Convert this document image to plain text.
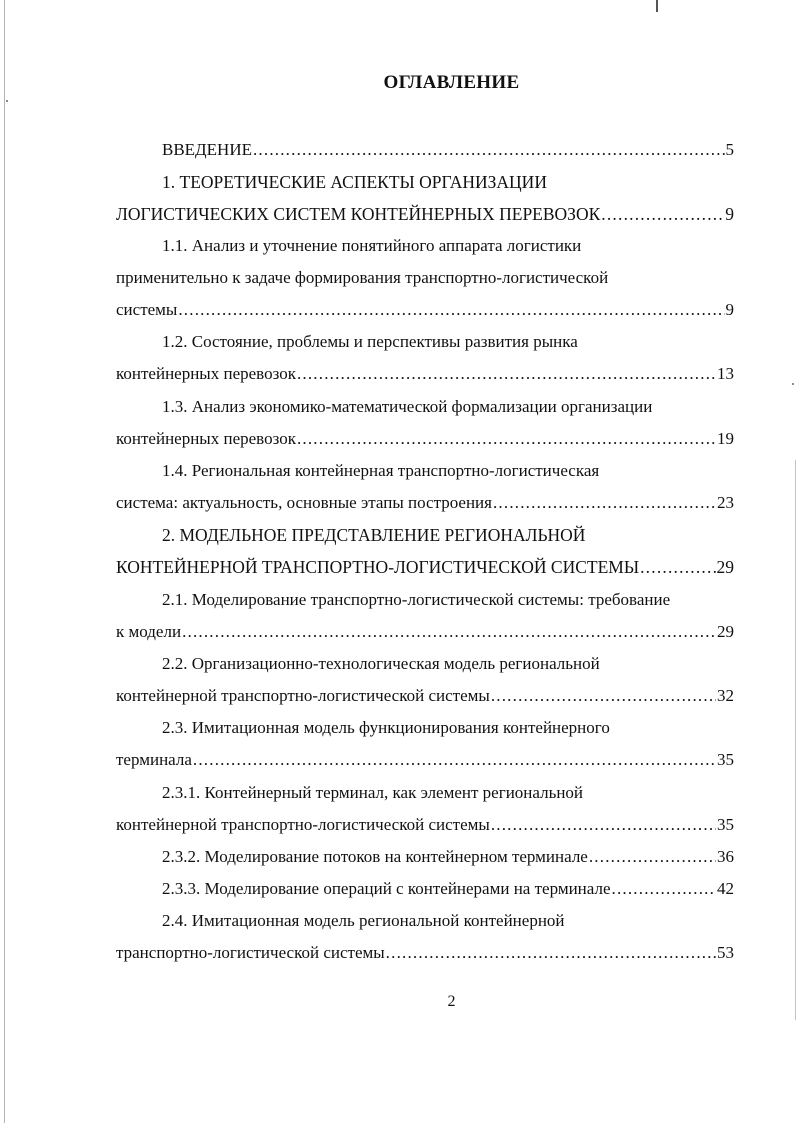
ОГЛАВЛЕНИЕ
ВВЕДЕНИЕ .....	5
1. ТЕОРЕТИЧЕСКИЕ АСПЕКТЫ ОРГАНИЗАЦИИ
ЛОГИСТИЧЕСКИХ СИСТЕМ КОНТЕЙНЕРНЫХ ПЕРЕВОЗОК .....	9
1.1. Анализ и уточнение понятийного аппарата логистики
применительно к задаче формирования транспортно-логистической
системы .....	9
1.2. Состояние, проблемы и перспективы развития рынка
контейнерных перевозок .....	13
1.3. Анализ экономико-математической формализации организации
контейнерных перевозок .....	19
1.4. Региональная контейнерная транспортно-логистическая
система: актуальность, основные этапы построения .....	23
2. МОДЕЛЬНОЕ ПРЕДСТАВЛЕНИЕ РЕГИОНАЛЬНОЙ
КОНТЕЙНЕРНОЙ ТРАНСПОРТНО-ЛОГИСТИЧЕСКОЙ СИСТЕМЫ .....	29
2.1. Моделирование транспортно-логистической системы: требование
к модели .....	29
2.2. Организационно-технологическая модель региональной
контейнерной транспортно-логистической системы .....	32
2.3. Имитационная модель функционирования контейнерного
терминала .....	35
2.3.1. Контейнерный терминал, как элемент региональной
контейнерной транспортно-логистической системы .....	35
2.3.2. Моделирование потоков на контейнерном терминале .....	36
2.3.3. Моделирование операций с контейнерами на терминале .....	42
2.4. Имитационная модель региональной контейнерной
транспортно-логистической системы .....	53
2
